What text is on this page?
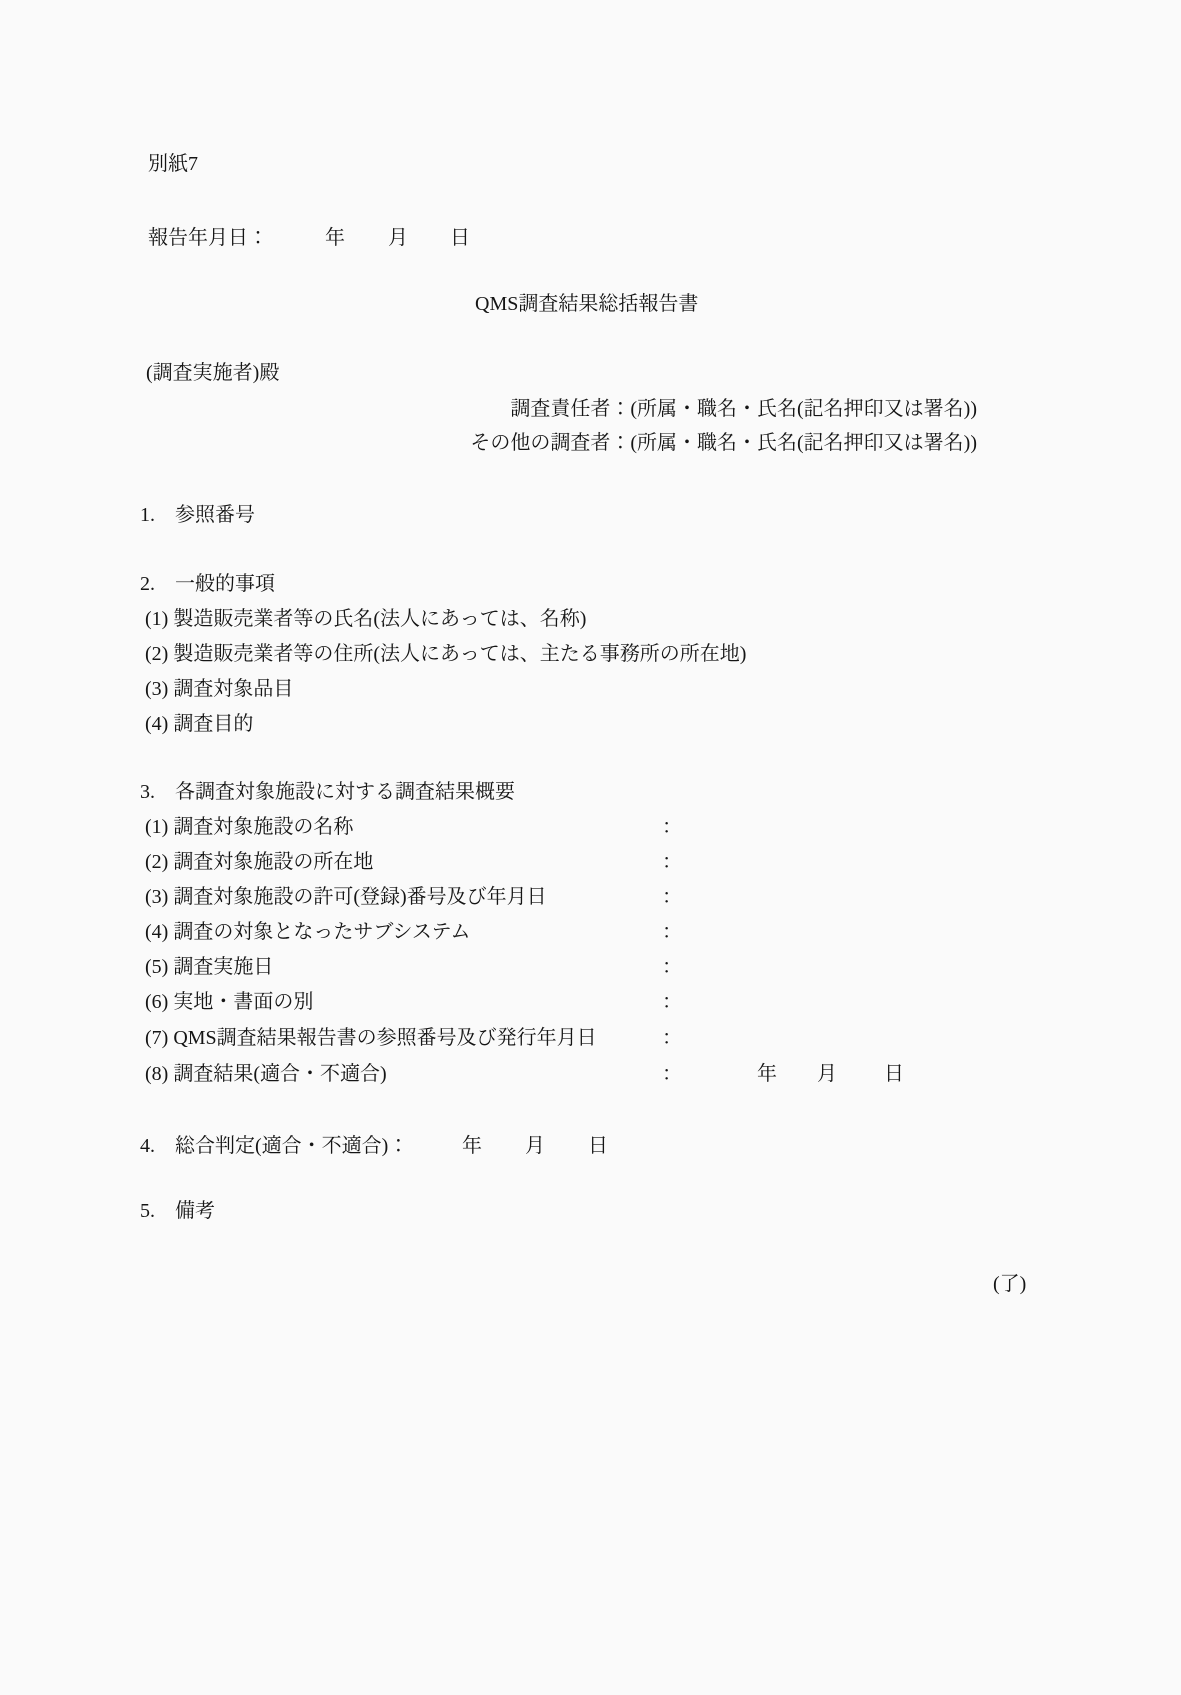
別紙7
報告年月日：	年 月 日
QMS調査結果総括報告書
(調査実施者)殿
調査責任者：(所属・職名・氏名(記名押印又は署名))
その他の調査者：(所属・職名・氏名(記名押印又は署名))
1.　参照番号
2.　一般的事項
(1) 製造販売業者等の氏名(法人にあっては、名称)
(2) 製造販売業者等の住所(法人にあっては、主たる事務所の所在地)
(3) 調査対象品目
(4) 調査目的
3.　各調査対象施設に対する調査結果概要
(1) 調査対象施設の名称	：
(2) 調査対象施設の所在地	：
(3) 調査対象施設の許可(登録)番号及び年月日	：
(4) 調査の対象となったサブシステム	：
(5) 調査実施日	：
(6) 実地・書面の別	：
(7) QMS調査結果報告書の参照番号及び発行年月日	：
(8) 調査結果(適合・不適合)	：	年 月 日
4.　総合判定(適合・不適合)：	年 月 日
5.　備考
(了)
